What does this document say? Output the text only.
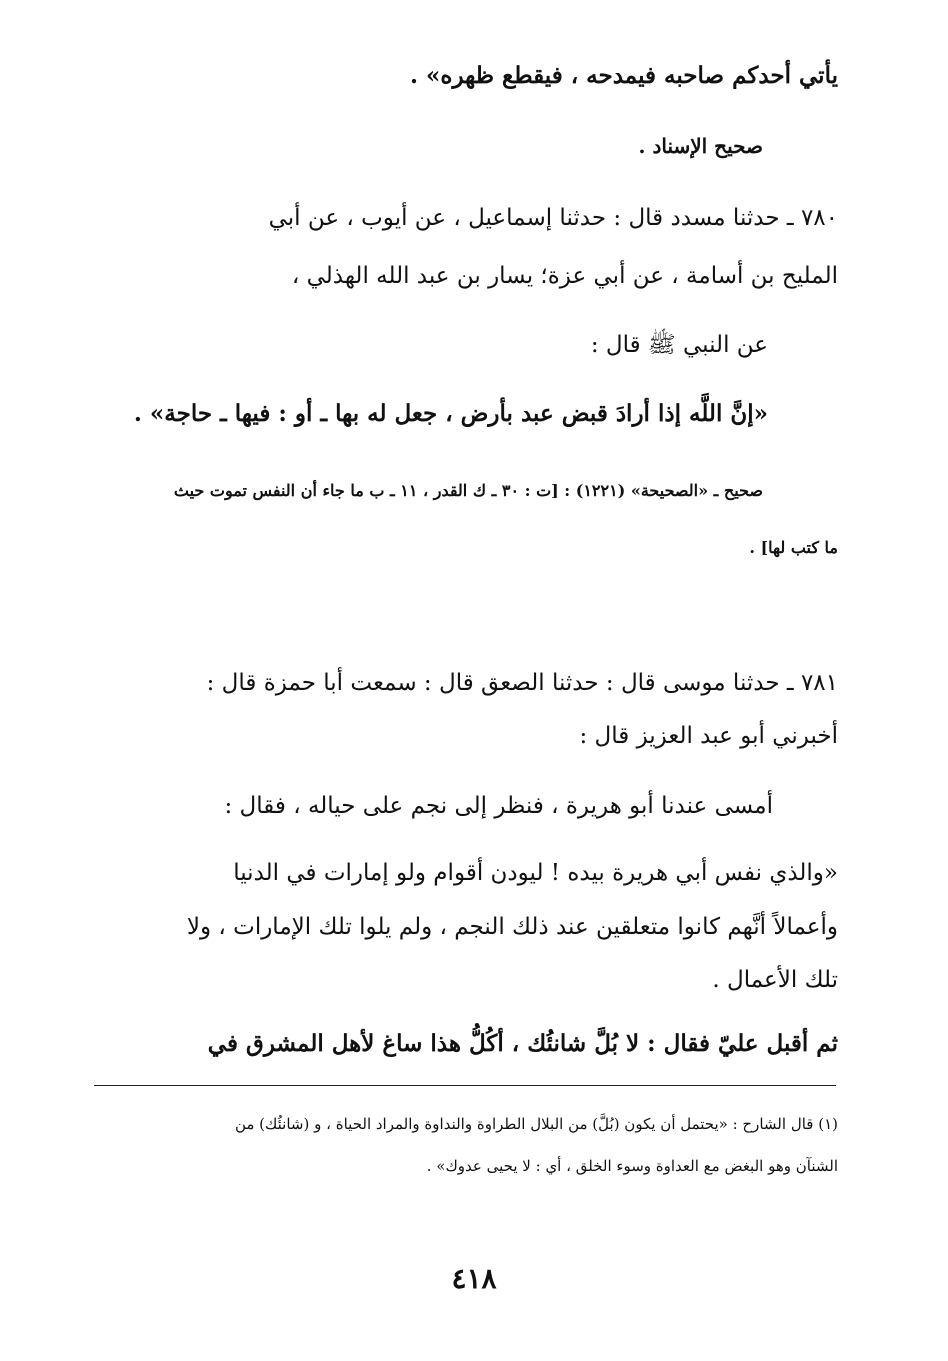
يأتي أحدكم صاحبه فيمدحه ، فيقطع ظهره» .
صحيح الإسناد .
٧٨٠ ـ حدثنا مسدد قال : حدثنا إسماعيل ، عن أيوب ، عن أبي
المليح بن أسامة ، عن أبي عزة؛ يسار بن عبد الله الهذلي ،
عن النبي ﷺ قال :
«إنَّ اللَّه إذا أرادَ قبض عبد بأرض ، جعل له بها ـ أو : فيها ـ حاجة» .
صحيح ـ «الصحيحة» (١٢٢١) : [ت : ٣٠ ـ ك القدر ، ١١ ـ ب ما جاء أن النفس تموت حيث
ما كتب لها] .
٧٨١ ـ حدثنا موسى قال : حدثنا الصعق قال : سمعت أبا حمزة قال :
أخبرني أبو عبد العزيز قال :
أمسى عندنا أبو هريرة ، فنظر إلى نجم على حياله ، فقال :
«والذي نفس أبي هريرة بيده ! ليودن أقوام ولو إمارات في الدنيا
وأعمالاً أنَّهم كانوا متعلقين عند ذلك النجم ، ولم يلوا تلك الإمارات ، ولا
تلك الأعمال .
ثم أقبل عليّ فقال : لا بُلَّ شانئُك ، أكُلُّ هذا ساغ لأهل المشرق في
(١) قال الشارح : «يحتمل أن يكون (بُلَّ) من البلال الطراوة والنداوة والمراد الحياة ، و (شانئُك) من
الشنآن وهو البغض مع العداوة وسوء الخلق ، أي : لا يحيى عدوك» .
٤١٨
